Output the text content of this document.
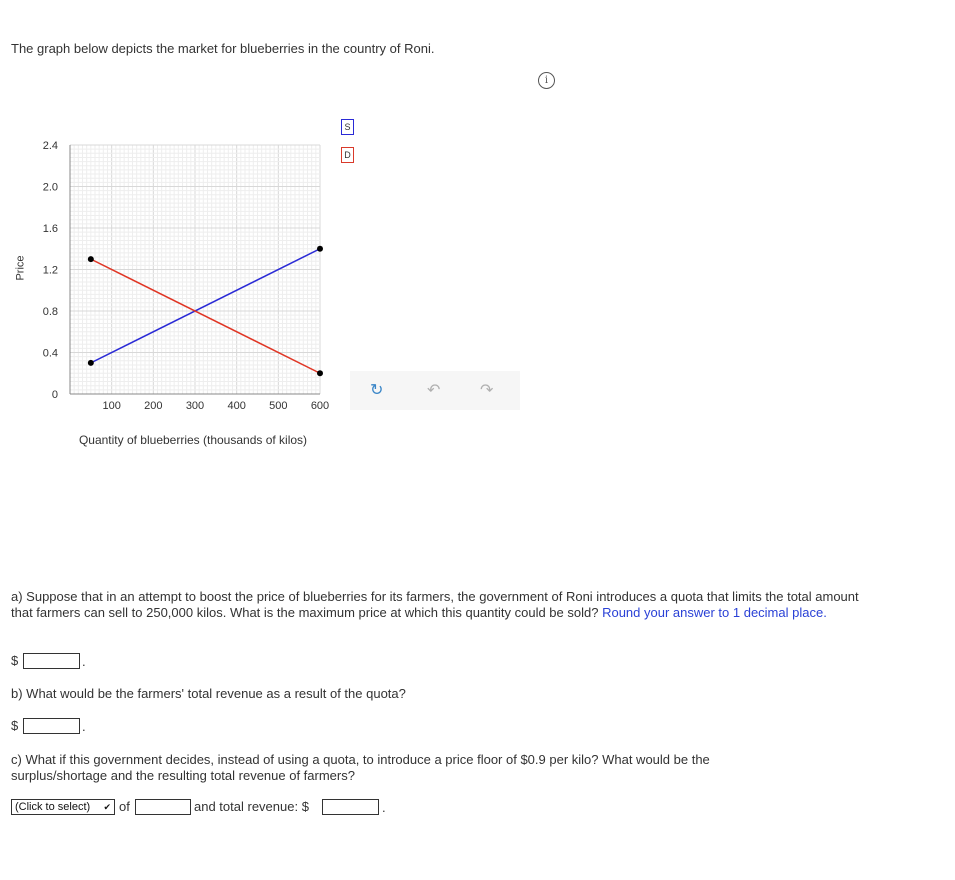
The graph below depicts the market for blueberries in the country of Roni.
i
0
0.4
0.8
1.2
1.6
2.0
2.4
100 200 300 400 500 600
Quantity of blueberries (thousands of kilos)
Price
S
D
↻	↶ ↷
a) Suppose that in an attempt to boost the price of blueberries for its farmers, the government of Roni introduces a quota that limits the total amount that farmers can sell to 250,000 kilos. What is the maximum price at which this quantity could be sold? Round your answer to 1 decimal place.
$	.
b) What would be the farmers' total revenue as a result of the quota?
$	.
c) What if this government decides, instead of using a quota, to introduce a price floor of $0.9 per kilo? What would be the surplus/shortage and the resulting total revenue of farmers?
(Click to select) ✔ of	and total revenue: $	.
